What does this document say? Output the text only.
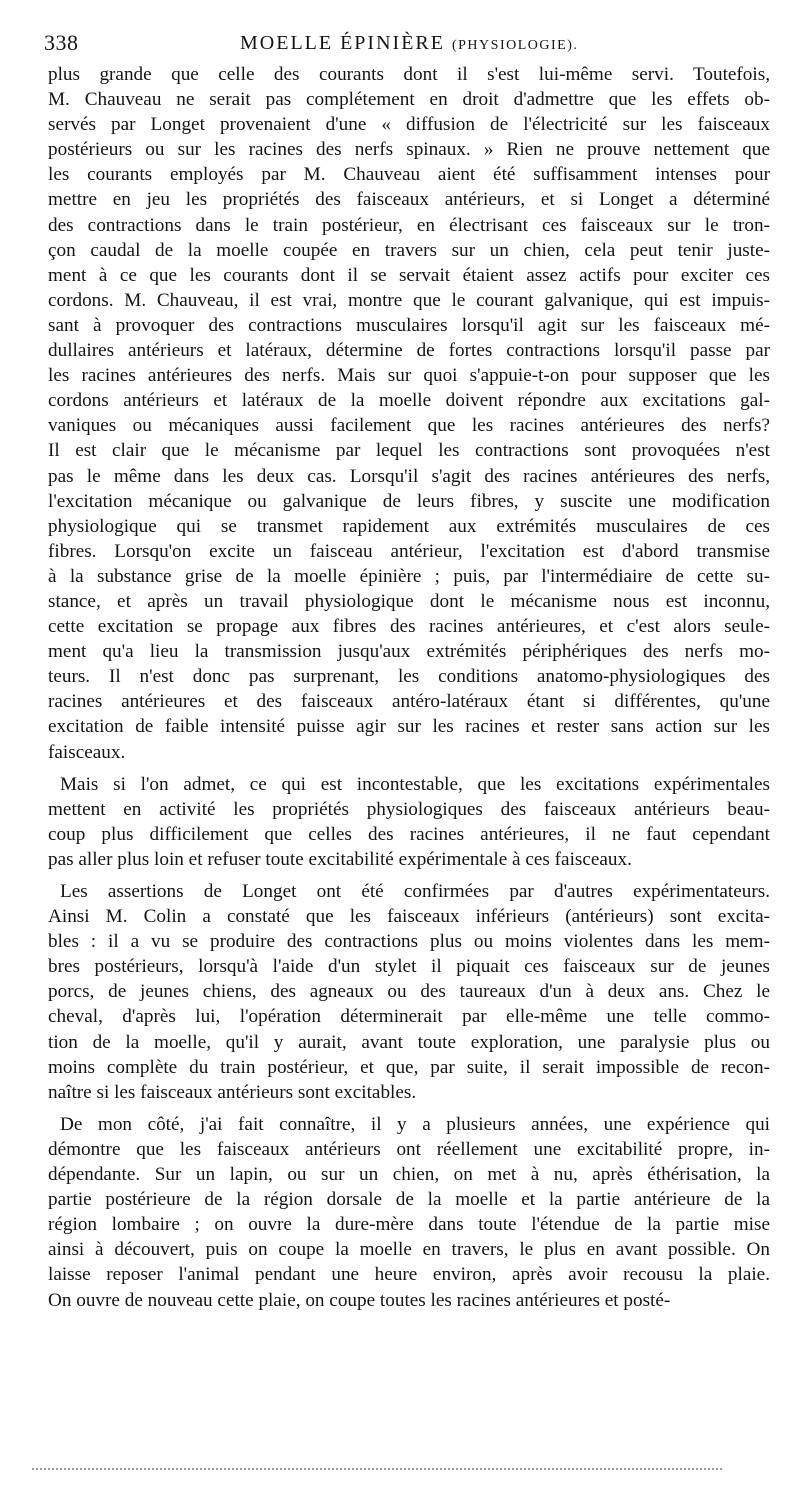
338	MOELLE ÉPINIÈRE (PHYSIOLOGIE).
plus grande que celle des courants dont il s'est lui-même servi. Toutefois,
M. Chauveau ne serait pas complétement en droit d'admettre que les effets ob-
servés par Longet provenaient d'une « diffusion de l'électricité sur les faisceaux
postérieurs ou sur les racines des nerfs spinaux. » Rien ne prouve nettement que
les courants employés par M. Chauveau aient été suffisamment intenses pour
mettre en jeu les propriétés des faisceaux antérieurs, et si Longet a déterminé
des contractions dans le train postérieur, en électrisant ces faisceaux sur le tron-
çon caudal de la moelle coupée en travers sur un chien, cela peut tenir juste-
ment à ce que les courants dont il se servait étaient assez actifs pour exciter ces
cordons. M. Chauveau, il est vrai, montre que le courant galvanique, qui est impuis-
sant à provoquer des contractions musculaires lorsqu'il agit sur les faisceaux mé-
dullaires antérieurs et latéraux, détermine de fortes contractions lorsqu'il passe par
les racines antérieures des nerfs. Mais sur quoi s'appuie-t-on pour supposer que les
cordons antérieurs et latéraux de la moelle doivent répondre aux excitations gal-
vaniques ou mécaniques aussi facilement que les racines antérieures des nerfs?
Il est clair que le mécanisme par lequel les contractions sont provoquées n'est
pas le même dans les deux cas. Lorsqu'il s'agit des racines antérieures des nerfs,
l'excitation mécanique ou galvanique de leurs fibres, y suscite une modification
physiologique qui se transmet rapidement aux extrémités musculaires de ces
fibres. Lorsqu'on excite un faisceau antérieur, l'excitation est d'abord transmise
à la substance grise de la moelle épinière ; puis, par l'intermédiaire de cette su-
stance, et après un travail physiologique dont le mécanisme nous est inconnu,
cette excitation se propage aux fibres des racines antérieures, et c'est alors seule-
ment qu'a lieu la transmission jusqu'aux extrémités périphériques des nerfs mo-
teurs. Il n'est donc pas surprenant, les conditions anatomo-physiologiques des
racines antérieures et des faisceaux antéro-latéraux étant si différentes, qu'une
excitation de faible intensité puisse agir sur les racines et rester sans action sur les
faisceaux.
Mais si l'on admet, ce qui est incontestable, que les excitations expérimentales
mettent en activité les propriétés physiologiques des faisceaux antérieurs beau-
coup plus difficilement que celles des racines antérieures, il ne faut cependant
pas aller plus loin et refuser toute excitabilité expérimentale à ces faisceaux.
Les assertions de Longet ont été confirmées par d'autres expérimentateurs.
Ainsi M. Colin a constaté que les faisceaux inférieurs (antérieurs) sont excita-
bles : il a vu se produire des contractions plus ou moins violentes dans les mem-
bres postérieurs, lorsqu'à l'aide d'un stylet il piquait ces faisceaux sur de jeunes
porcs, de jeunes chiens, des agneaux ou des taureaux d'un à deux ans. Chez le
cheval, d'après lui, l'opération déterminerait par elle-même une telle commo-
tion de la moelle, qu'il y aurait, avant toute exploration, une paralysie plus ou
moins complète du train postérieur, et que, par suite, il serait impossible de recon-
naître si les faisceaux antérieurs sont excitables.
De mon côté, j'ai fait connaître, il y a plusieurs années, une expérience qui
démontre que les faisceaux antérieurs ont réellement une excitabilité propre, in-
dépendante. Sur un lapin, ou sur un chien, on met à nu, après éthérisation, la
partie postérieure de la région dorsale de la moelle et la partie antérieure de la
région lombaire ; on ouvre la dure-mère dans toute l'étendue de la partie mise
ainsi à découvert, puis on coupe la moelle en travers, le plus en avant possible. On
laisse reposer l'animal pendant une heure environ, après avoir recousu la plaie.
On ouvre de nouveau cette plaie, on coupe toutes les racines antérieures et posté-
